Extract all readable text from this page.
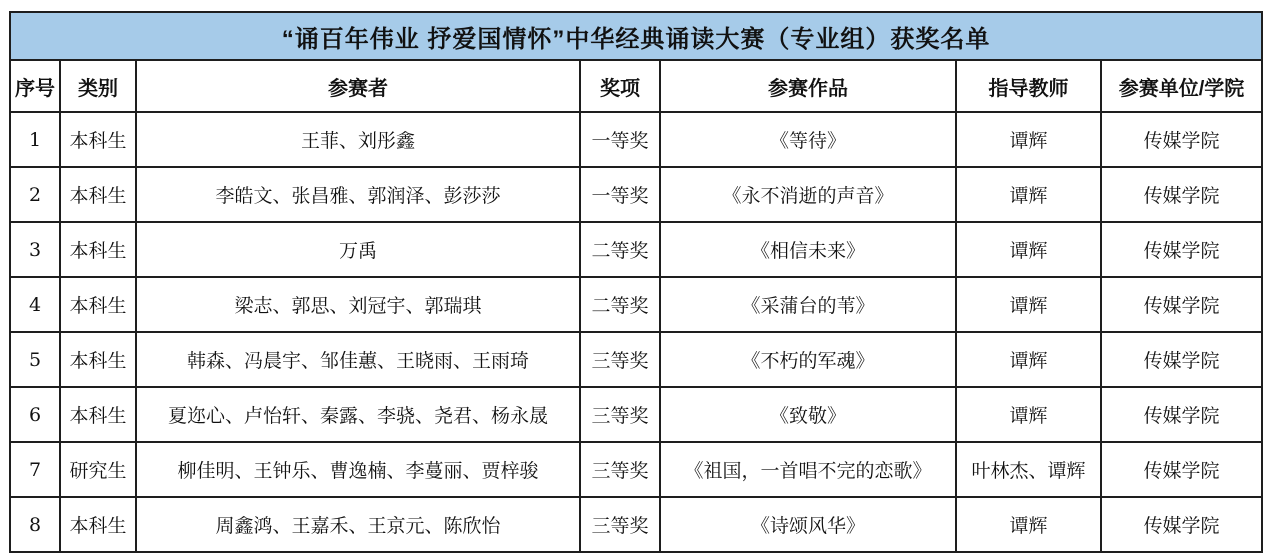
“诵百年伟业 抒爱国情怀”中华经典诵读大赛（专业组）获奖名单						
序号	类别	参赛者	奖项	参赛作品	指导教师	参赛单位/学院
1	本科生	王菲、刘彤鑫	一等奖	《等待》	谭辉	传媒学院
2	本科生	李皓文、张昌雅、郭润泽、彭莎莎	一等奖	《永不消逝的声音》	谭辉	传媒学院
3	本科生	万禹	二等奖	《相信未来》	谭辉	传媒学院
4	本科生	梁志、郭思、刘冠宇、郭瑞琪	二等奖	《采蒲台的苇》	谭辉	传媒学院
5	本科生	韩森、冯晨宇、邹佳蕙、王晓雨、王雨琦	三等奖	《不朽的军魂》	谭辉	传媒学院
6	本科生	夏迩心、卢怡轩、秦露、李骁、尧君、杨永晟	三等奖	《致敬》	谭辉	传媒学院
7	研究生	柳佳明、王钟乐、曹逸楠、李蔓丽、贾梓骏	三等奖	《祖国，一首唱不完的恋歌》	叶林杰、谭辉	传媒学院
8	本科生	周鑫鸿、王嘉禾、王京元、陈欣怡	三等奖	《诗颂风华》	谭辉	传媒学院
